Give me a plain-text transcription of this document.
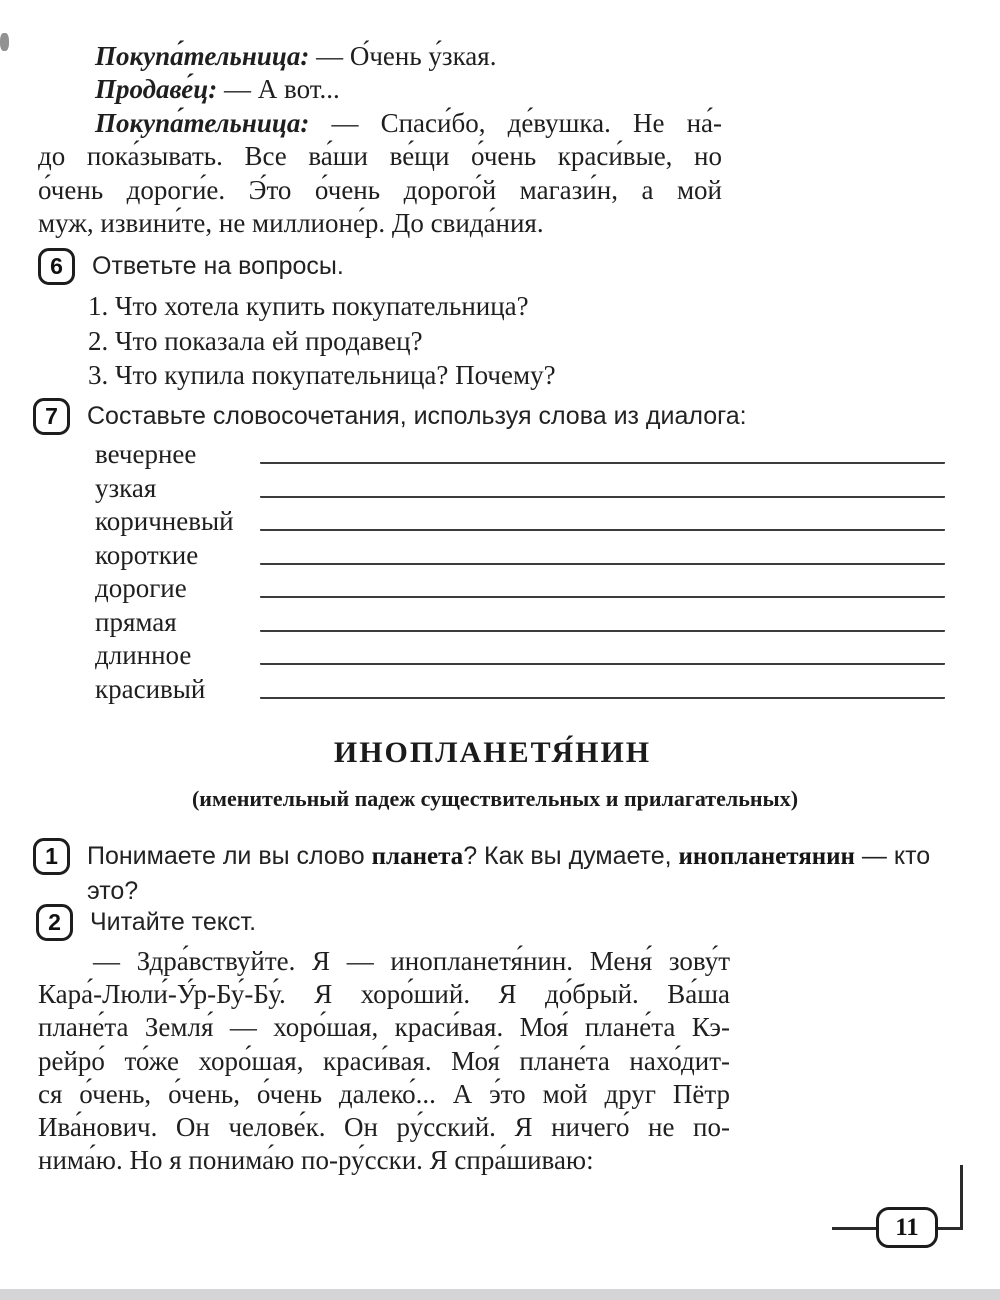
Покупа́тельница: — О́чень у́зкая.
Продаве́ц: — А вот...
Покупа́тельница: — Спаси́бо, де́вушка. Не на́-
до пока́зывать. Все ва́ши ве́щи о́чень краси́вые, но
о́чень дороги́е. Э́то о́чень дорого́й магази́н, а мой
муж, извини́те, не миллионе́р. До свида́ния.
6	Ответьте на вопросы.
1. Что хотела купить покупательница?
2. Что показала ей продавец?
3. Что купила покупательница? Почему?
7	Составьте словосочетания, используя слова из диалога:
вечернее
узкая
коричневый
короткие
дорогие
прямая
длинное
красивый
ИНОПЛАНЕТЯ́НИН
(именительный падеж существительных и прилагательных)
1	Понимаете ли вы слово планета? Как вы думаете, инопланетянин — кто это?
2	Читайте текст.
— Здра́вствуйте. Я — инопланетя́нин. Меня́ зову́т
Кара́-Люли́-У́р-Бу́-Бу́. Я хоро́ший. Я до́брый. Ва́ша
плане́та Земля́ — хоро́шая, краси́вая. Моя́ плане́та Кэ-
рейро́ то́же хоро́шая, краси́вая. Моя́ плане́та нахо́дит-
ся о́чень, о́чень, о́чень далеко́... А э́то мой друг Пётр
Ива́нович. Он челове́к. Он ру́сский. Я ничего́ не по-
нима́ю. Но я понима́ю по-ру́сски. Я спра́шиваю:
11
